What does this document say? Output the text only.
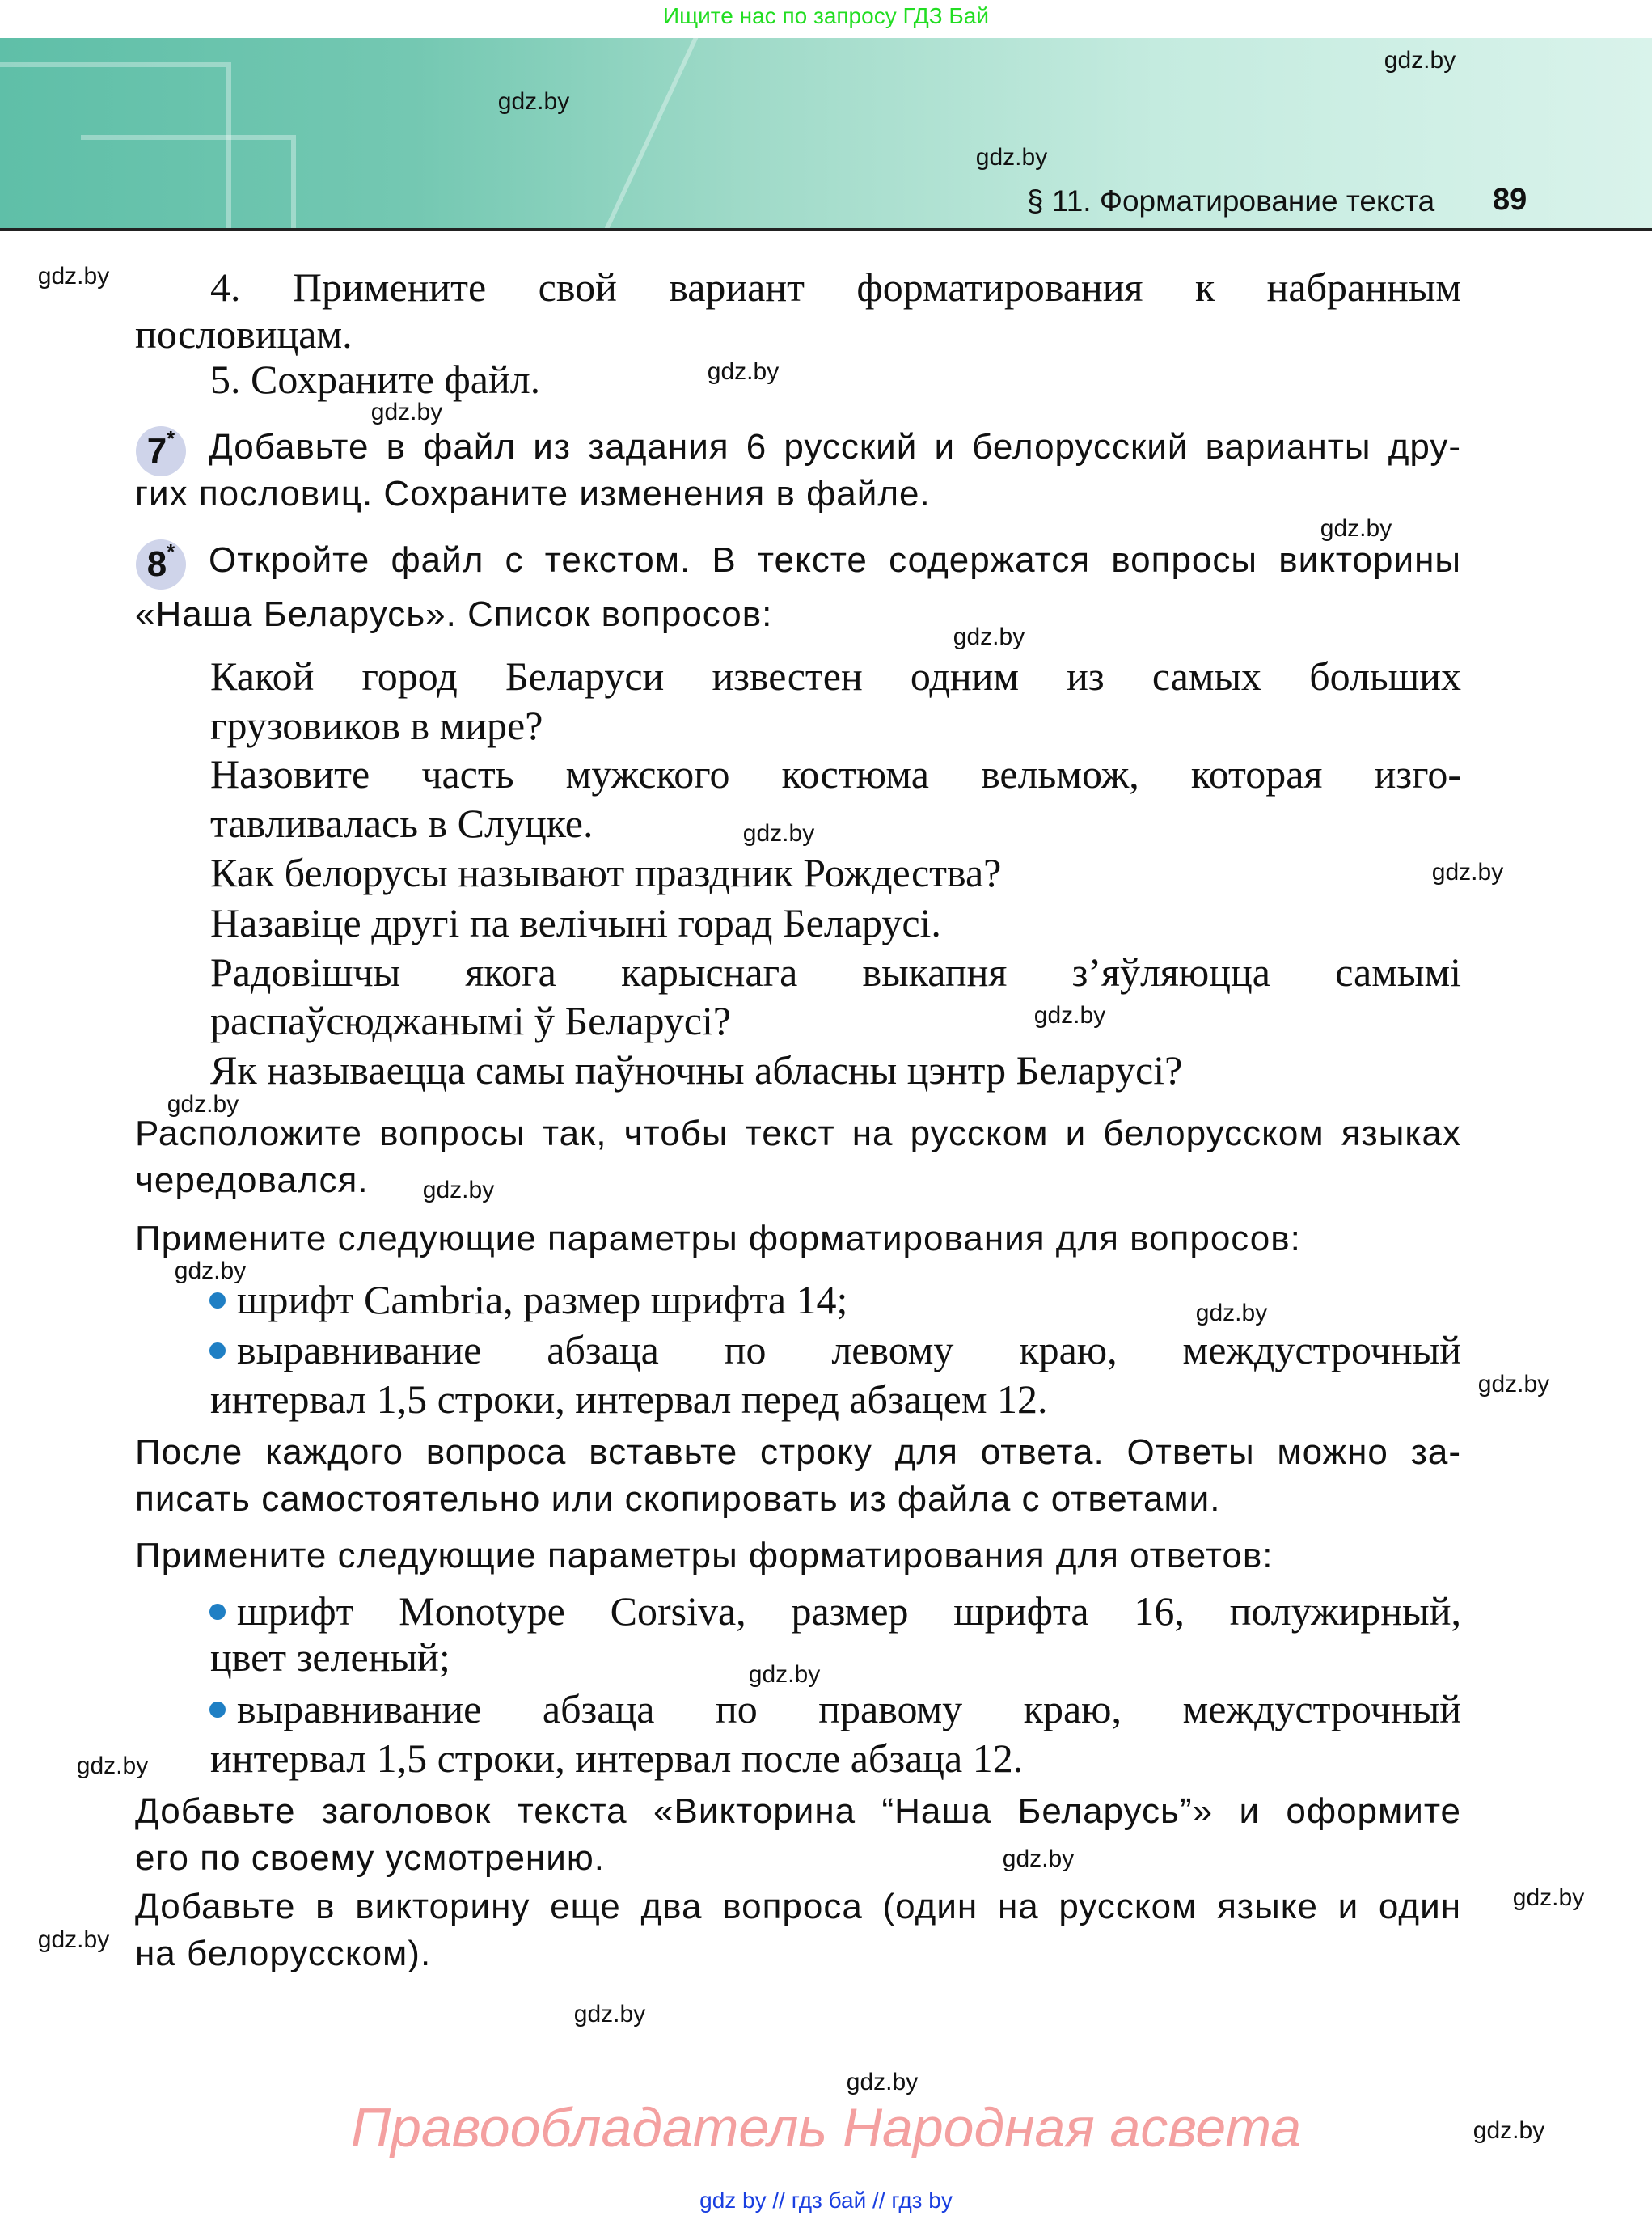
Ищите нас по запросу ГДЗ Бай
§ 11. Форматирование текста 89
4. Примените свой вариант форматирования к набранным
пословицам.
5. Сохраните файл.
7* Добавьте в файл из задания 6 русский и белорусский варианты дру-
гих пословиц. Сохраните изменения в файле.
8* Откройте файл с текстом. В тексте содержатся вопросы викторины
«Наша Беларусь». Список вопросов:
Какой город Беларуси известен одним из самых больших
грузовиков в мире?
Назовите часть мужского костюма вельмож, которая изго-
тавливалась в Слуцке.
Как белорусы называют праздник Рождества?
Назавіце другі па велічыні горад Беларусі.
Радовішчы якога карыснага выкапня з’яўляюцца самымі
распаўсюджанымі ў Беларусі?
Як называецца самы паўночны абласны цэнтр Беларусі?
Расположите вопросы так, чтобы текст на русском и белорусском языках
чередовался.
Примените следующие параметры форматирования для вопросов:
шрифт Cambria, размер шрифта 14;
выравнивание абзаца по левому краю, междустрочный
интервал 1,5 строки, интервал перед абзацем 12.
После каждого вопроса вставьте строку для ответа. Ответы можно за-
писать самостоятельно или скопировать из файла с ответами.
Примените следующие параметры форматирования для ответов:
шрифт Monotype Corsiva, размер шрифта 16, полужирный,
цвет зеленый;
выравнивание абзаца по правому краю, междустрочный
интервал 1,5 строки, интервал после абзаца 12.
Добавьте заголовок текста «Викторина “Наша Беларусь”» и оформите
его по своему усмотрению.
Добавьте в викторину еще два вопроса (один на русском языке и один
на белорусском).
gdz.by
gdz.by
gdz.by
gdz.by
gdz.by
gdz.by
gdz.by
gdz.by
gdz.by
gdz.by
gdz.by
gdz.by
gdz.by
gdz.by
gdz.by
gdz.by
gdz.by
gdz.by
gdz.by
gdz.by
gdz.by
gdz.by
gdz.by
gdz.by
Правообладатель Народная асвета
gdz by // гдз бай // гдз by
